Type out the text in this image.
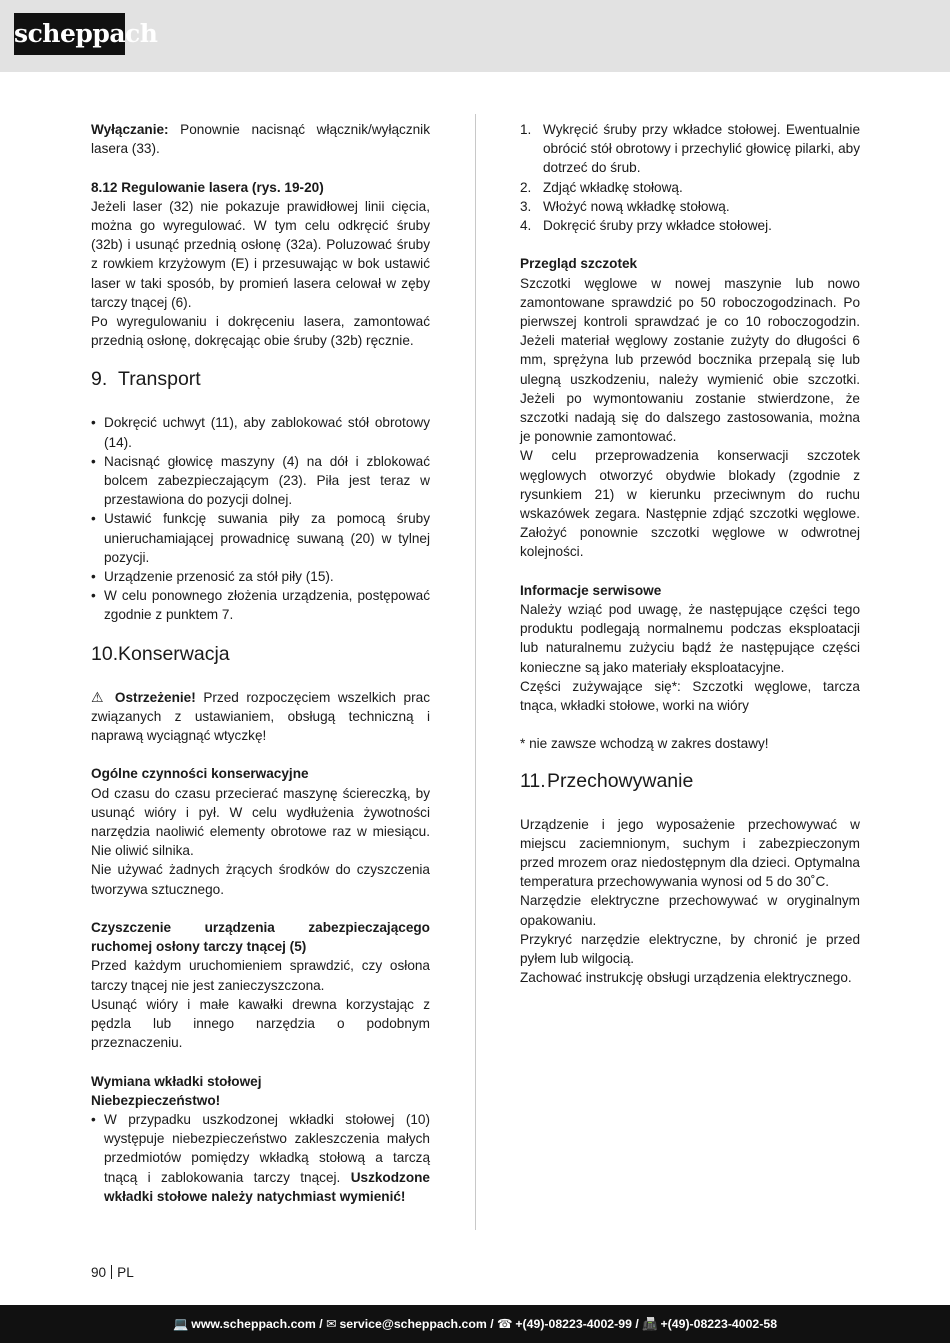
scheppach

Wyłączanie: Ponownie nacisnąć włącznik/wyłącznik lasera (33).

8.12 Regulowanie lasera (rys. 19-20)

Jeżeli laser (32) nie pokazuje prawidłowej linii cięcia, można go wyregulować. W tym celu odkręcić śruby (32b) i usunąć przednią osłonę (32a). Poluzować śruby z rowkiem krzyżowym (E) i przesuwając w bok ustawić laser w taki sposób, by promień lasera celował w zęby tarczy tnącej (6).

Po wyregulowaniu i dokręceniu lasera, zamontować przednią osłonę, dokręcając obie śruby (32b) ręcznie.

9. Transport
• Dokręcić uchwyt (11), aby zablokować stół obrotowy (14).
• Nacisnąć głowicę maszyny (4) na dół i zblokować bolcem zabezpieczającym (23). Piła jest teraz w przestawiona do pozycji dolnej.
• Ustawić funkcję suwania piły za pomocą śruby unieruchamiającej prowadnicę suwaną (20) w tylnej pozycji.
• Urządzenie przenosić za stół piły (15).
• W celu ponownego złożenia urządzenia, postępować zgodnie z punktem 7.
10.Konserwacja

⚠ Ostrzeżenie! Przed rozpoczęciem wszelkich prac związanych z ustawianiem, obsługą techniczną i naprawą wyciągnąć wtyczkę!

Ogólne czynności konserwacyjne

Od czasu do czasu przecierać maszynę ściereczką, by usunąć wióry i pył. W celu wydłużenia żywotności narzędzia naoliwić elementy obrotowe raz w miesiącu. Nie oliwić silnika.

Nie używać żadnych żrących środków do czyszczenia tworzywa sztucznego.

Czyszczenie urządzenia zabezpieczającego ruchomej osłony tarczy tnącej (5)

Przed każdym uruchomieniem sprawdzić, czy osłona tarczy tnącej nie jest zanieczyszczona.

Usunąć wióry i małe kawałki drewna korzystając z pędzla lub innego narzędzia o podobnym przeznaczeniu.

Wymiana wkładki stołowej

Niebezpieczeństwo!

• W przypadku uszkodzonej wkładki stołowej (10) występuje niebezpieczeństwo zakleszczenia małych przedmiotów pomiędzy wkładką stołową a tarczą tnącą i zablokowania tarczy tnącej. Uszkodzone wkładki stołowe należy natychmiast wymienić!
1. Wykręcić śruby przy wkładce stołowej. Ewentualnie obrócić stół obrotowy i przechylić głowicę pilarki, aby dotrzeć do śrub.
2. Zdjąć wkładkę stołową.
3. Włożyć nową wkładkę stołową.
4. Dokręcić śruby przy wkładce stołowej.

Przegląd szczotek

Szczotki węglowe w nowej maszynie lub nowo zamontowane sprawdzić po 50 roboczogodzinach. Po pierwszej kontroli sprawdzać je co 10 roboczogodzin. Jeżeli materiał węglowy zostanie zużyty do długości 6 mm, sprężyna lub przewód bocznika przepalą się lub ulegną uszkodzeniu, należy wymienić obie szczotki. Jeżeli po wymontowaniu zostanie stwierdzone, że szczotki nadają się do dalszego zastosowania, można je ponownie zamontować.

W celu przeprowadzenia konserwacji szczotek węglowych otworzyć obydwie blokady (zgodnie z rysunkiem 21) w kierunku przeciwnym do ruchu wskazówek zegara. Następnie zdjąć szczotki węglowe. Założyć ponownie szczotki węglowe w odwrotnej kolejności.

Informacje serwisowe

Należy wziąć pod uwagę, że następujące części tego produktu podlegają normalnemu podczas eksploatacji lub naturalnemu zużyciu bądź że następujące części konieczne są jako materiały eksploatacyjne.

Części zużywające się*: Szczotki węglowe, tarcza tnąca, wkładki stołowe, worki na wióry

* nie zawsze wchodzą w zakres dostawy!

11.Przechowywanie

Urządzenie i jego wyposażenie przechowywać w miejscu zaciemnionym, suchym i zabezpieczonym przed mrozem oraz niedostępnym dla dzieci. Optymalna temperatura przechowywania wynosi od 5 do 30˚C.

Narzędzie elektryczne przechowywać w oryginalnym opakowaniu.

Przykryć narzędzie elektryczne, by chronić je przed pyłem lub wilgocią.

Zachować instrukcję obsługi urządzenia elektrycznego.

90 PL
💻 www.scheppach.com / ✉ service@scheppach.com / ☎ +(49)-08223-4002-99 / 📠 +(49)-08223-4002-58
